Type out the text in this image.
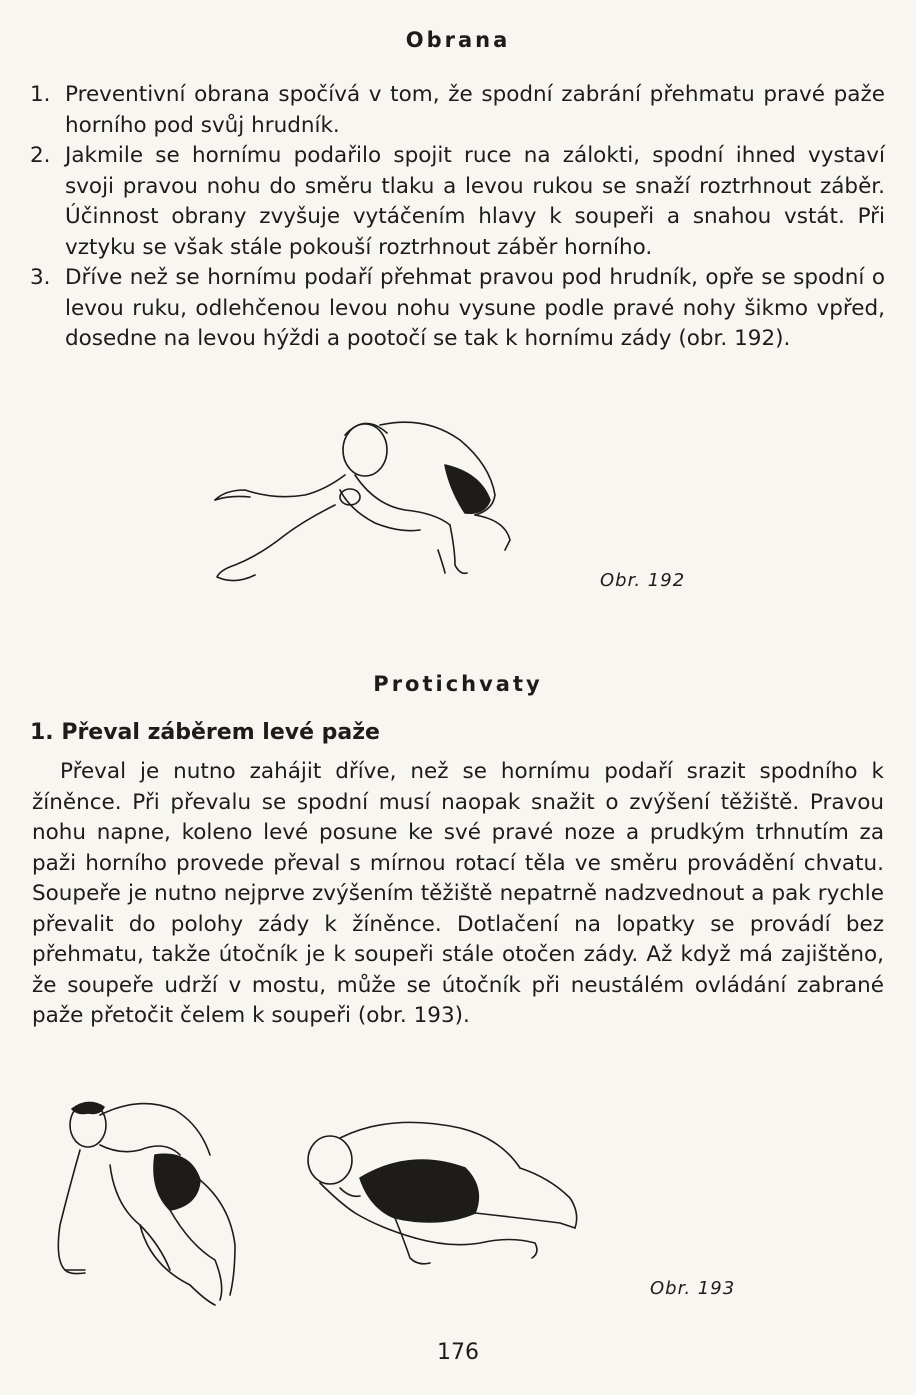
Obrana
1. Preventivní obrana spočívá v tom, že spodní zabrání přehmatu pravé paže horního pod svůj hrudník.
2. Jakmile se hornímu podařilo spojit ruce na zálokti, spodní ihned vystaví svoji pravou nohu do směru tlaku a levou rukou se snaží roztrhnout záběr. Účinnost obrany zvyšuje vytáčením hlavy k soupeři a snahou vstát. Při vztyku se však stále pokouší roztrhnout záběr horního.
3. Dříve než se hornímu podaří přehmat pravou pod hrudník, opře se spodní o levou ruku, odlehčenou levou nohu vysune podle pravé nohy šikmo vpřed, dosedne na levou hýždi a pootočí se tak k hornímu zády (obr. 192).
Obr. 192
Protichvaty
1. Převal záběrem levé paže

Převal je nutno zahájit dříve, než se hornímu podaří srazit spodního k žíněnce. Při převalu se spodní musí naopak snažit o zvýšení těžiště. Pravou nohu napne, koleno levé posune ke své pravé noze a prudkým trhnutím za paži horního provede převal s mírnou rotací těla ve směru provádění chvatu. Soupeře je nutno nejprve zvýšením těžiště nepatrně nadzvednout a pak rychle převalit do polohy zády k žíněnce. Dotlačení na lopatky se provádí bez přehmatu, takže útočník je k soupeři stále otočen zády. Až když má zajištěno, že soupeře udrží v mostu, může se útočník při neustálém ovládání zabrané paže přetočit čelem k soupeři (obr. 193).

Obr. 193
176
